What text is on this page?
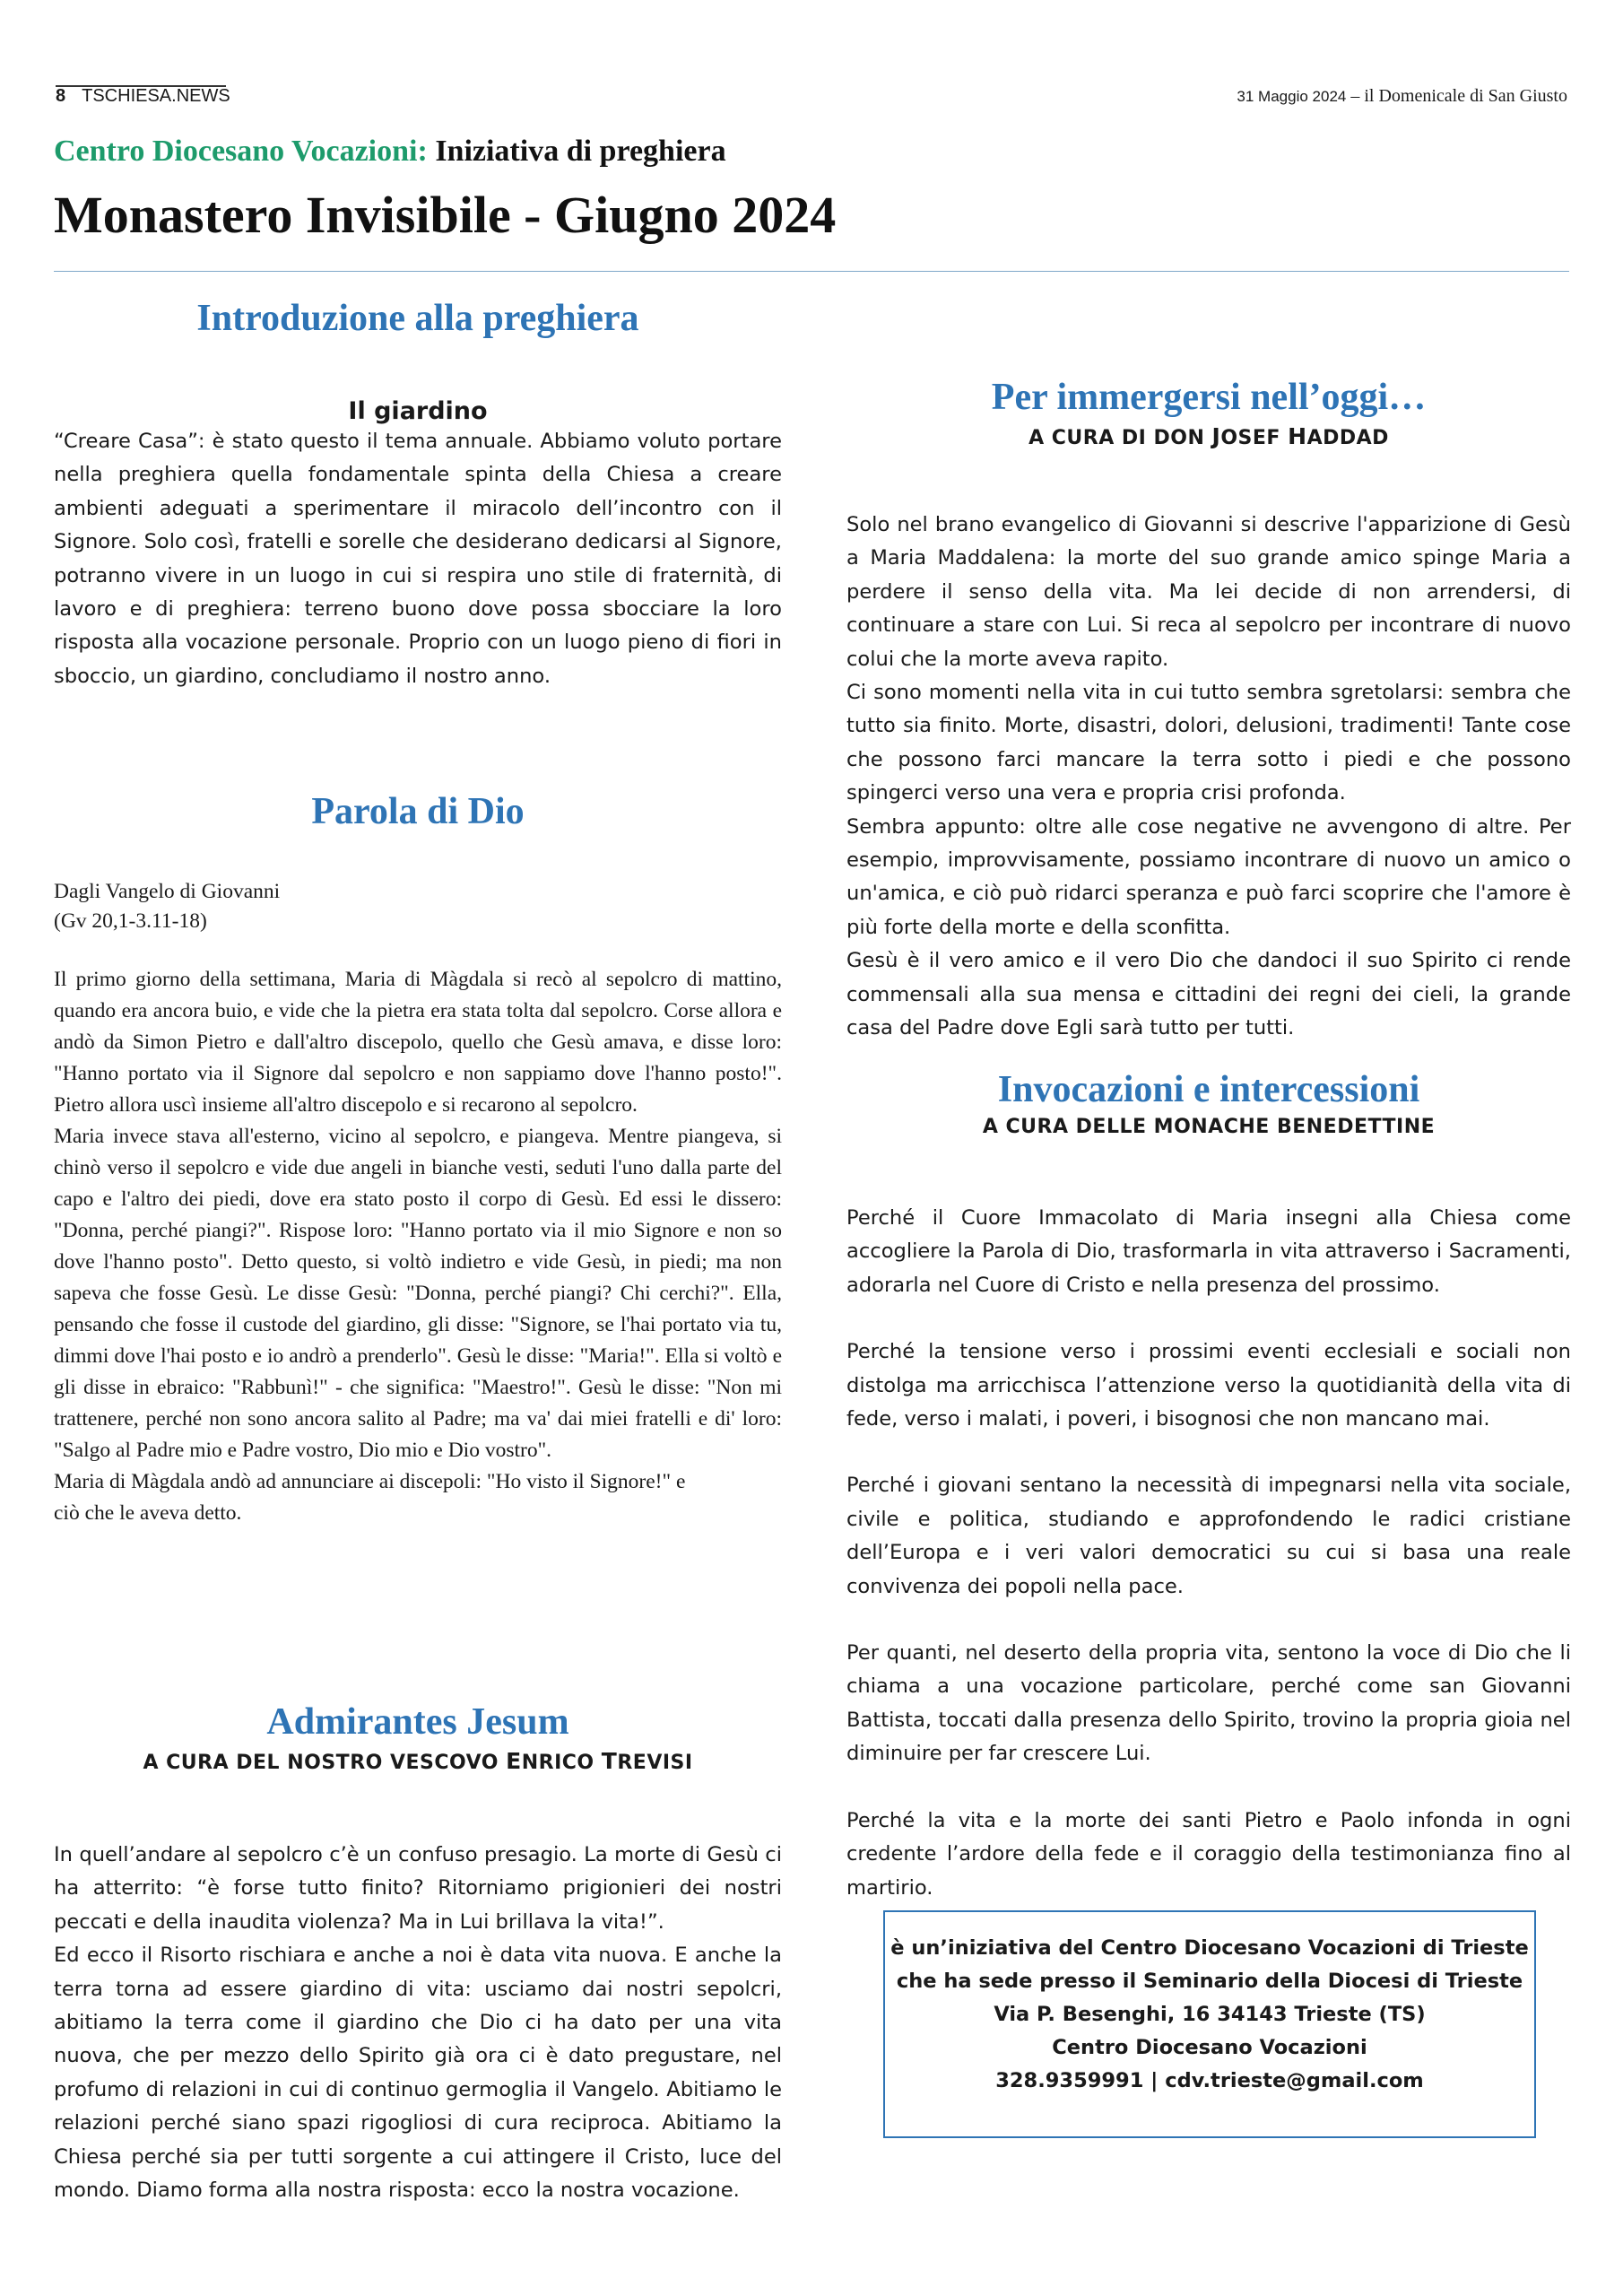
8 TSCHIESA.NEWS	31 Maggio 2024 – il Domenicale di San Giusto
Centro Diocesano Vocazioni: Iniziativa di preghiera
Monastero Invisibile - Giugno 2024
Introduzione alla preghiera
Il giardino

“Creare Casa”: è stato questo il tema annuale. Abbiamo voluto portare nella preghiera quella fondamentale spinta della Chiesa a creare ambienti adeguati a sperimentare il miracolo dell’incontro con il Signore. Solo così, fratelli e sorelle che desiderano dedicarsi al Signore, potranno vivere in un luogo in cui si respira uno stile di fraternità, di lavoro e di preghiera: terreno buono dove possa sbocciare la loro risposta alla vocazione personale. Proprio con un luogo pieno di fiori in sboccio, un giardino, concludiamo il nostro anno.

Parola di Dio

Dagli Vangelo di Giovanni
(Gv 20,1-3.11-18)

Il primo giorno della settimana, Maria di Màgdala si recò al sepolcro di mattino, quando era ancora buio, e vide che la pietra era stata tolta dal sepolcro. Corse allora e andò da Simon Pietro e dall'altro discepolo, quello che Gesù amava, e disse loro: "Hanno portato via il Signore dal sepolcro e non sappiamo dove l'hanno posto!". Pietro allora uscì insieme all'altro discepolo e si recarono al sepolcro.

Maria invece stava all'esterno, vicino al sepolcro, e piangeva. Mentre piangeva, si chinò verso il sepolcro e vide due angeli in bianche vesti, seduti l'uno dalla parte del capo e l'altro dei piedi, dove era stato posto il corpo di Gesù. Ed essi le dissero: "Donna, perché piangi?". Rispose loro: "Hanno portato via il mio Signore e non so dove l'hanno posto". Detto questo, si voltò indietro e vide Gesù, in piedi; ma non sapeva che fosse Gesù. Le disse Gesù: "Donna, perché piangi? Chi cerchi?". Ella, pensando che fosse il custode del giardino, gli disse: "Signore, se l'hai portato via tu, dimmi dove l'hai posto e io andrò a prenderlo". Gesù le disse: "Maria!". Ella si voltò e gli disse in ebraico: "Rabbunì!" - che significa: "Maestro!". Gesù le disse: "Non mi trattenere, perché non sono ancora salito al Padre; ma va' dai miei fratelli e di' loro: "Salgo al Padre mio e Padre vostro, Dio mio e Dio vostro".

Maria di Màgdala andò ad annunciare ai discepoli: "Ho visto il Signore!" e
ciò che le aveva detto.

Admirantes Jesum
A CURA DEL NOSTRO VESCOVO ENRICO TREVISI

In quell’andare al sepolcro c’è un confuso presagio. La morte di Gesù ci ha atterrito: “è forse tutto finito? Ritorniamo prigionieri dei nostri peccati e della inaudita violenza? Ma in Lui brillava la vita!”.

Ed ecco il Risorto rischiara e anche a noi è data vita nuova. E anche la terra torna ad essere giardino di vita: usciamo dai nostri sepolcri, abitiamo la terra come il giardino che Dio ci ha dato per una vita nuova, che per mezzo dello Spirito già ora ci è dato pregustare, nel profumo di relazioni in cui di continuo germoglia il Vangelo. Abitiamo le relazioni perché siano spazi rigogliosi di cura reciproca. Abitiamo la Chiesa perché sia per tutti sorgente a cui attingere il Cristo, luce del mondo. Diamo forma alla nostra risposta: ecco la nostra vocazione.

Per immergersi nell’oggi…
A CURA DI DON JOSEF HADDAD

Solo nel brano evangelico di Giovanni si descrive l'apparizione di Gesù a Maria Maddalena: la morte del suo grande amico spinge Maria a perdere il senso della vita. Ma lei decide di non arrendersi, di continuare a stare con Lui. Si reca al sepolcro per incontrare di nuovo colui che la morte aveva rapito.

Ci sono momenti nella vita in cui tutto sembra sgretolarsi: sembra che tutto sia finito. Morte, disastri, dolori, delusioni, tradimenti! Tante cose che possono farci mancare la terra sotto i piedi e che possono spingerci verso una vera e propria crisi profonda.

Sembra appunto: oltre alle cose negative ne avvengono di altre. Per esempio, improvvisamente, possiamo incontrare di nuovo un amico o un'amica, e ciò può ridarci speranza e può farci scoprire che l'amore è più forte della morte e della sconfitta.

Gesù è il vero amico e il vero Dio che dandoci il suo Spirito ci rende commensali alla sua mensa e cittadini dei regni dei cieli, la grande casa del Padre dove Egli sarà tutto per tutti.

Invocazioni e intercessioni
A CURA DELLE MONACHE BENEDETTINE

Perché il Cuore Immacolato di Maria insegni alla Chiesa come accogliere la Parola di Dio, trasformarla in vita attraverso i Sacramenti, adorarla nel Cuore di Cristo e nella presenza del prossimo.

Perché la tensione verso i prossimi eventi ecclesiali e sociali non distolga ma arricchisca l’attenzione verso la quotidianità della vita di fede, verso i malati, i poveri, i bisognosi che non mancano mai.

Perché i giovani sentano la necessità di impegnarsi nella vita sociale, civile e politica, studiando e approfondendo le radici cristiane dell’Europa e i veri valori democratici su cui si basa una reale convivenza dei popoli nella pace.

Per quanti, nel deserto della propria vita, sentono la voce di Dio che li chiama a una vocazione particolare, perché come san Giovanni Battista, toccati dalla presenza dello Spirito, trovino la propria gioia nel diminuire per far crescere Lui.

Perché la vita e la morte dei santi Pietro e Paolo infonda in ogni credente l’ardore della fede e il coraggio della testimonianza fino al martirio.

è un’iniziativa del Centro Diocesano Vocazioni di Trieste
che ha sede presso il Seminario della Diocesi di Trieste
Via P. Besenghi, 16 34143 Trieste (TS)
Centro Diocesano Vocazioni
328.9359991 | cdv.trieste@gmail.com
